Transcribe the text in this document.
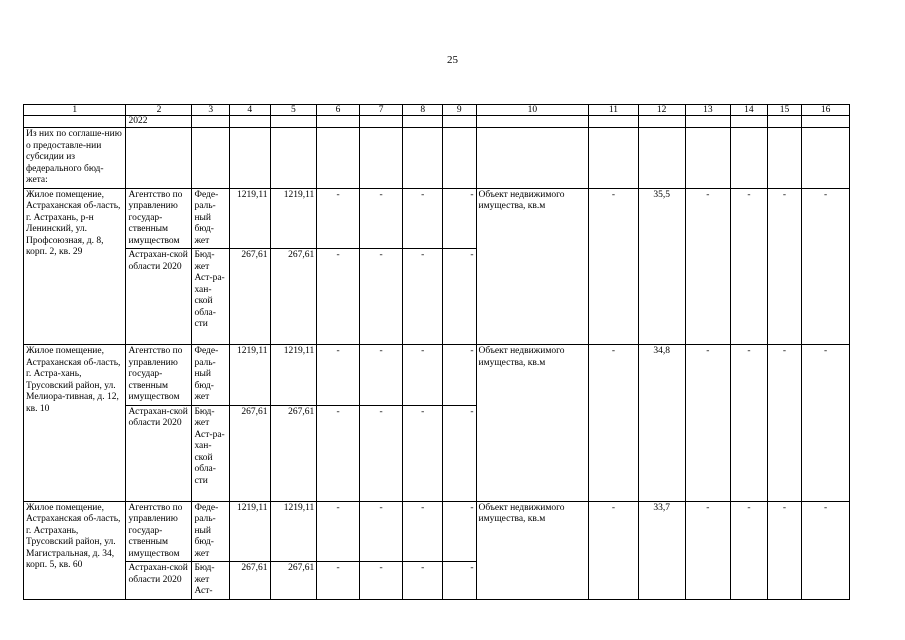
25
1	2	3	4	5	6	7	8	9	10	11	12	13	14	15	16
	2022														
Из них по соглаше-нию о предоставле-нии субсидии из федерального бюд-жета:															
Жилое помещение, Астраханская об-ласть, г. Астрахань, р-н Ленинский, ул. Профсоюзная, д. 8, корп. 2, кв. 29	Агентство по управлению государ-ственным имуществом	Феде-раль-ный бюд-жет	1219,11	1219,11	-	-	-	-	Объект недвижимого имущества, кв.м	-	35,5	-	-	-	-
	Астрахан-ской области 2020	Бюд-жет Аст-ра-хан-ской обла-сти	267,61	267,61	-	-	-	-							
Жилое помещение, Астраханская об-ласть, г. Астра-хань, Трусовский район, ул. Мелиора-тивная, д. 12, кв. 10	Агентство по управлению государ-ственным имуществом	Феде-раль-ный бюд-жет	1219,11	1219,11	-	-	-	-	Объект недвижимого имущества, кв.м	-	34,8	-	-	-	-
	Астрахан-ской области 2020	Бюд-жет Аст-ра-хан-ской обла-сти	267,61	267,61	-	-	-	-							
Жилое помещение, Астраханская об-ласть, г. Астрахань, Трусовский район, ул. Магистральная, д. 34, корп. 5, кв. 60	Агентство по управлению государ-ственным имуществом	Феде-раль-ный бюд-жет	1219,11	1219,11	-	-	-	-	Объект недвижимого имущества, кв.м	-	33,7	-	-	-	-
	Астрахан-ской области 2020	Бюд-жет Аст-	267,61	267,61	-	-	-	-							
